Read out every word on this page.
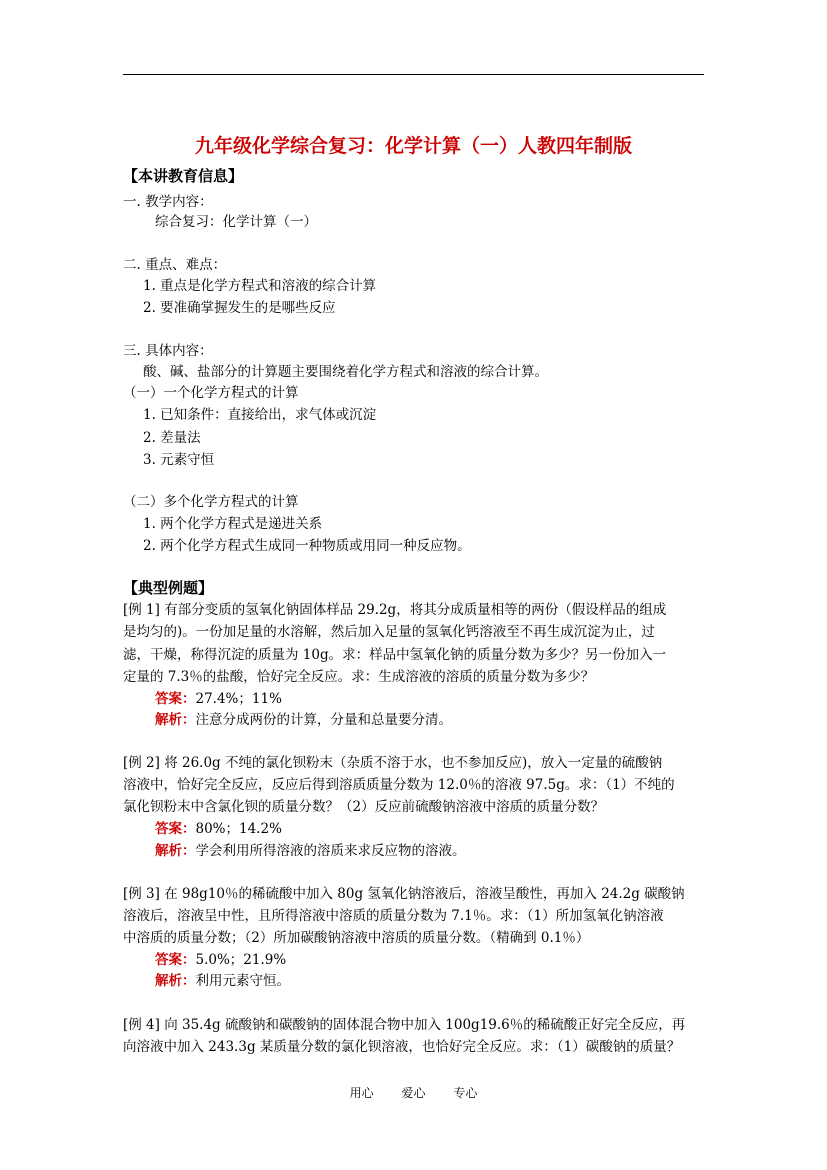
九年级化学综合复习：化学计算（一）人教四年制版
【本讲教育信息】
一. 教学内容：
综合复习：化学计算（一）
二. 重点、难点：
1. 重点是化学方程式和溶液的综合计算
2. 要准确掌握发生的是哪些反应
三. 具体内容：
酸、碱、盐部分的计算题主要围绕着化学方程式和溶液的综合计算。
（一）一个化学方程式的计算
1. 已知条件：直接给出，求气体或沉淀
2. 差量法
3. 元素守恒
（二）多个化学方程式的计算
1. 两个化学方程式是递进关系
2. 两个化学方程式生成同一种物质或用同一种反应物。
【典型例题】
[例 1] 有部分变质的氢氧化钠固体样品 29.2g，将其分成质量相等的两份（假设样品的组成
是均匀的)。一份加足量的水溶解，然后加入足量的氢氧化钙溶液至不再生成沉淀为止，过
滤，干燥，称得沉淀的质量为 10g。求：样品中氢氧化钠的质量分数为多少？另一份加入一
定量的 7.3％的盐酸，恰好完全反应。求：生成溶液的溶质的质量分数为多少？
答案：27.4%；11%
解析：注意分成两份的计算，分量和总量要分清。
[例 2] 将 26.0g 不纯的氯化钡粉末（杂质不溶于水，也不参加反应)，放入一定量的硫酸钠
溶液中，恰好完全反应，反应后得到溶质质量分数为 12.0％的溶液 97.5g。求：（1）不纯的
氯化钡粉末中含氯化钡的质量分数？（2）反应前硫酸钠溶液中溶质的质量分数？
答案：80%；14.2%
解析：学会利用所得溶液的溶质来求反应物的溶液。
[例 3] 在 98g10％的稀硫酸中加入 80g 氢氧化钠溶液后，溶液呈酸性，再加入 24.2g 碳酸钠
溶液后，溶液呈中性，且所得溶液中溶质的质量分数为 7.1％。求：（1）所加氢氧化钠溶液
中溶质的质量分数；（2）所加碳酸钠溶液中溶质的质量分数。（精确到 0.1％）
答案：5.0%；21.9%
解析：利用元素守恒。
[例 4] 向 35.4g 硫酸钠和碳酸钠的固体混合物中加入 100g19.6％的稀硫酸正好完全反应，再
向溶液中加入 243.3g 某质量分数的氯化钡溶液，也恰好完全反应。求：（1）碳酸钠的质量？
用心 爱心 专心
